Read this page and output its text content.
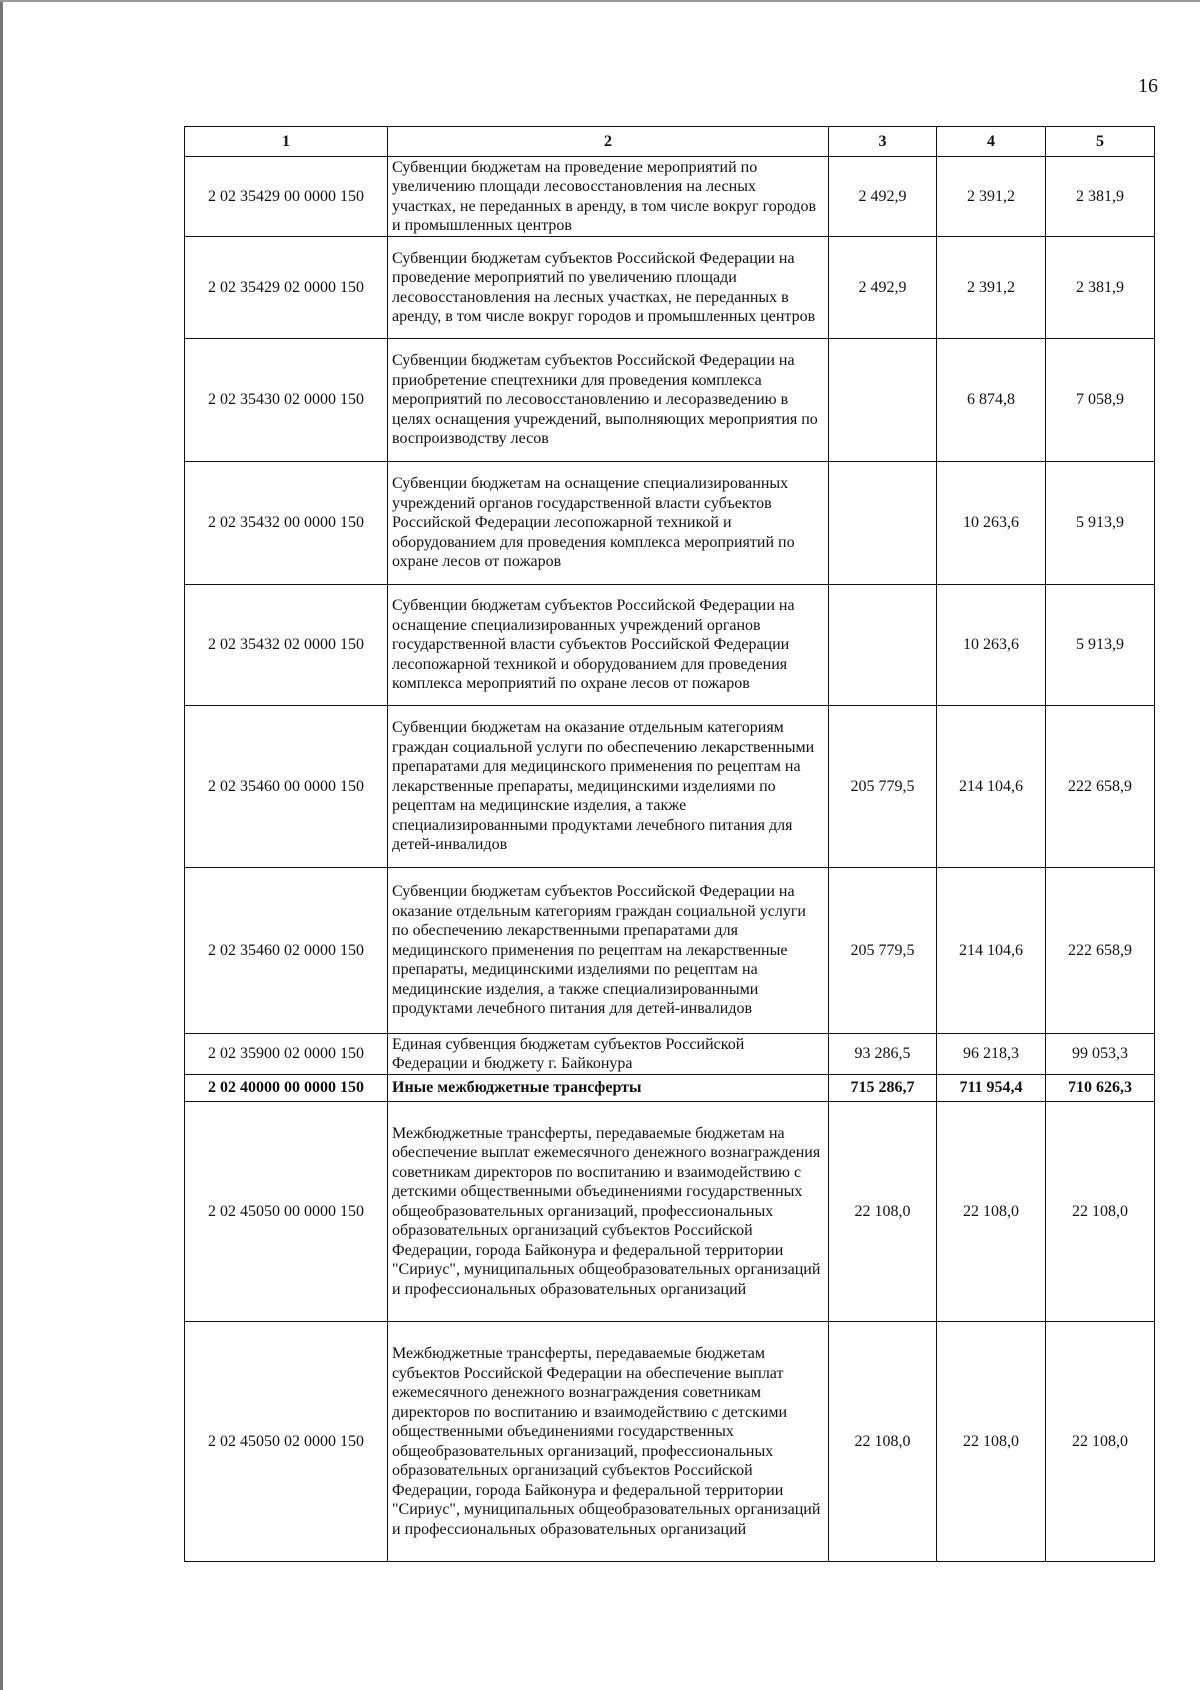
16
1	2	3	4	5
2 02 35429 00 0000 150	Субвенции бюджетам на проведение мероприятий по увеличению площади лесовосстановления на лесных участках, не переданных в аренду, в том числе вокруг городов и промышленных центров	2 492,9	2 391,2	2 381,9
2 02 35429 02 0000 150	Субвенции бюджетам субъектов Российской Федерации на проведение мероприятий по увеличению площади лесовосстановления на лесных участках, не переданных в аренду, в том числе вокруг городов и промышленных центров	2 492,9	2 391,2	2 381,9
2 02 35430 02 0000 150	Субвенции бюджетам субъектов Российской Федерации на приобретение спецтехники для проведения комплекса мероприятий по лесовосстановлению и лесоразведению в целях оснащения учреждений, выполняющих мероприятия по воспроизводству лесов		6 874,8	7 058,9
2 02 35432 00 0000 150	Субвенции бюджетам на оснащение специализированных учреждений органов государственной власти субъектов Российской Федерации лесопожарной техникой и оборудованием для проведения комплекса мероприятий по охране лесов от пожаров		10 263,6	5 913,9
2 02 35432 02 0000 150	Субвенции бюджетам субъектов Российской Федерации на оснащение специализированных учреждений органов государственной власти субъектов Российской Федерации лесопожарной техникой и оборудованием для проведения комплекса мероприятий по охране лесов от пожаров		10 263,6	5 913,9
2 02 35460 00 0000 150	Субвенции бюджетам на оказание отдельным категориям граждан социальной услуги по обеспечению лекарственными препаратами для медицинского применения по рецептам на лекарственные препараты, медицинскими изделиями по рецептам на медицинские изделия, а также специализированными продуктами лечебного питания для детей-инвалидов	205 779,5	214 104,6	222 658,9
2 02 35460 02 0000 150	Субвенции бюджетам субъектов Российской Федерации на оказание отдельным категориям граждан социальной услуги по обеспечению лекарственными препаратами для медицинского применения по рецептам на лекарственные препараты, медицинскими изделиями по рецептам на медицинские изделия, а также специализированными продуктами лечебного питания для детей-инвалидов	205 779,5	214 104,6	222 658,9
2 02 35900 02 0000 150	Единая субвенция бюджетам субъектов Российской Федерации и бюджету г. Байконура	93 286,5	96 218,3	99 053,3
2 02 40000 00 0000 150	Иные межбюджетные трансферты	715 286,7	711 954,4	710 626,3
2 02 45050 00 0000 150	Межбюджетные трансферты, передаваемые бюджетам на обеспечение выплат ежемесячного денежного вознаграждения советникам директоров по воспитанию и взаимодействию с детскими общественными объединениями государственных общеобразовательных организаций, профессиональных образовательных организаций субъектов Российской Федерации, города Байконура и федеральной территории "Сириус", муниципальных общеобразовательных организаций и профессиональных образовательных организаций	22 108,0	22 108,0	22 108,0
2 02 45050 02 0000 150	Межбюджетные трансферты, передаваемые бюджетам субъектов Российской Федерации на обеспечение выплат ежемесячного денежного вознаграждения советникам директоров по воспитанию и взаимодействию с детскими общественными объединениями государственных общеобразовательных организаций, профессиональных образовательных организаций субъектов Российской Федерации, города Байконура и федеральной территории "Сириус", муниципальных общеобразовательных организаций и профессиональных образовательных организаций	22 108,0	22 108,0	22 108,0
